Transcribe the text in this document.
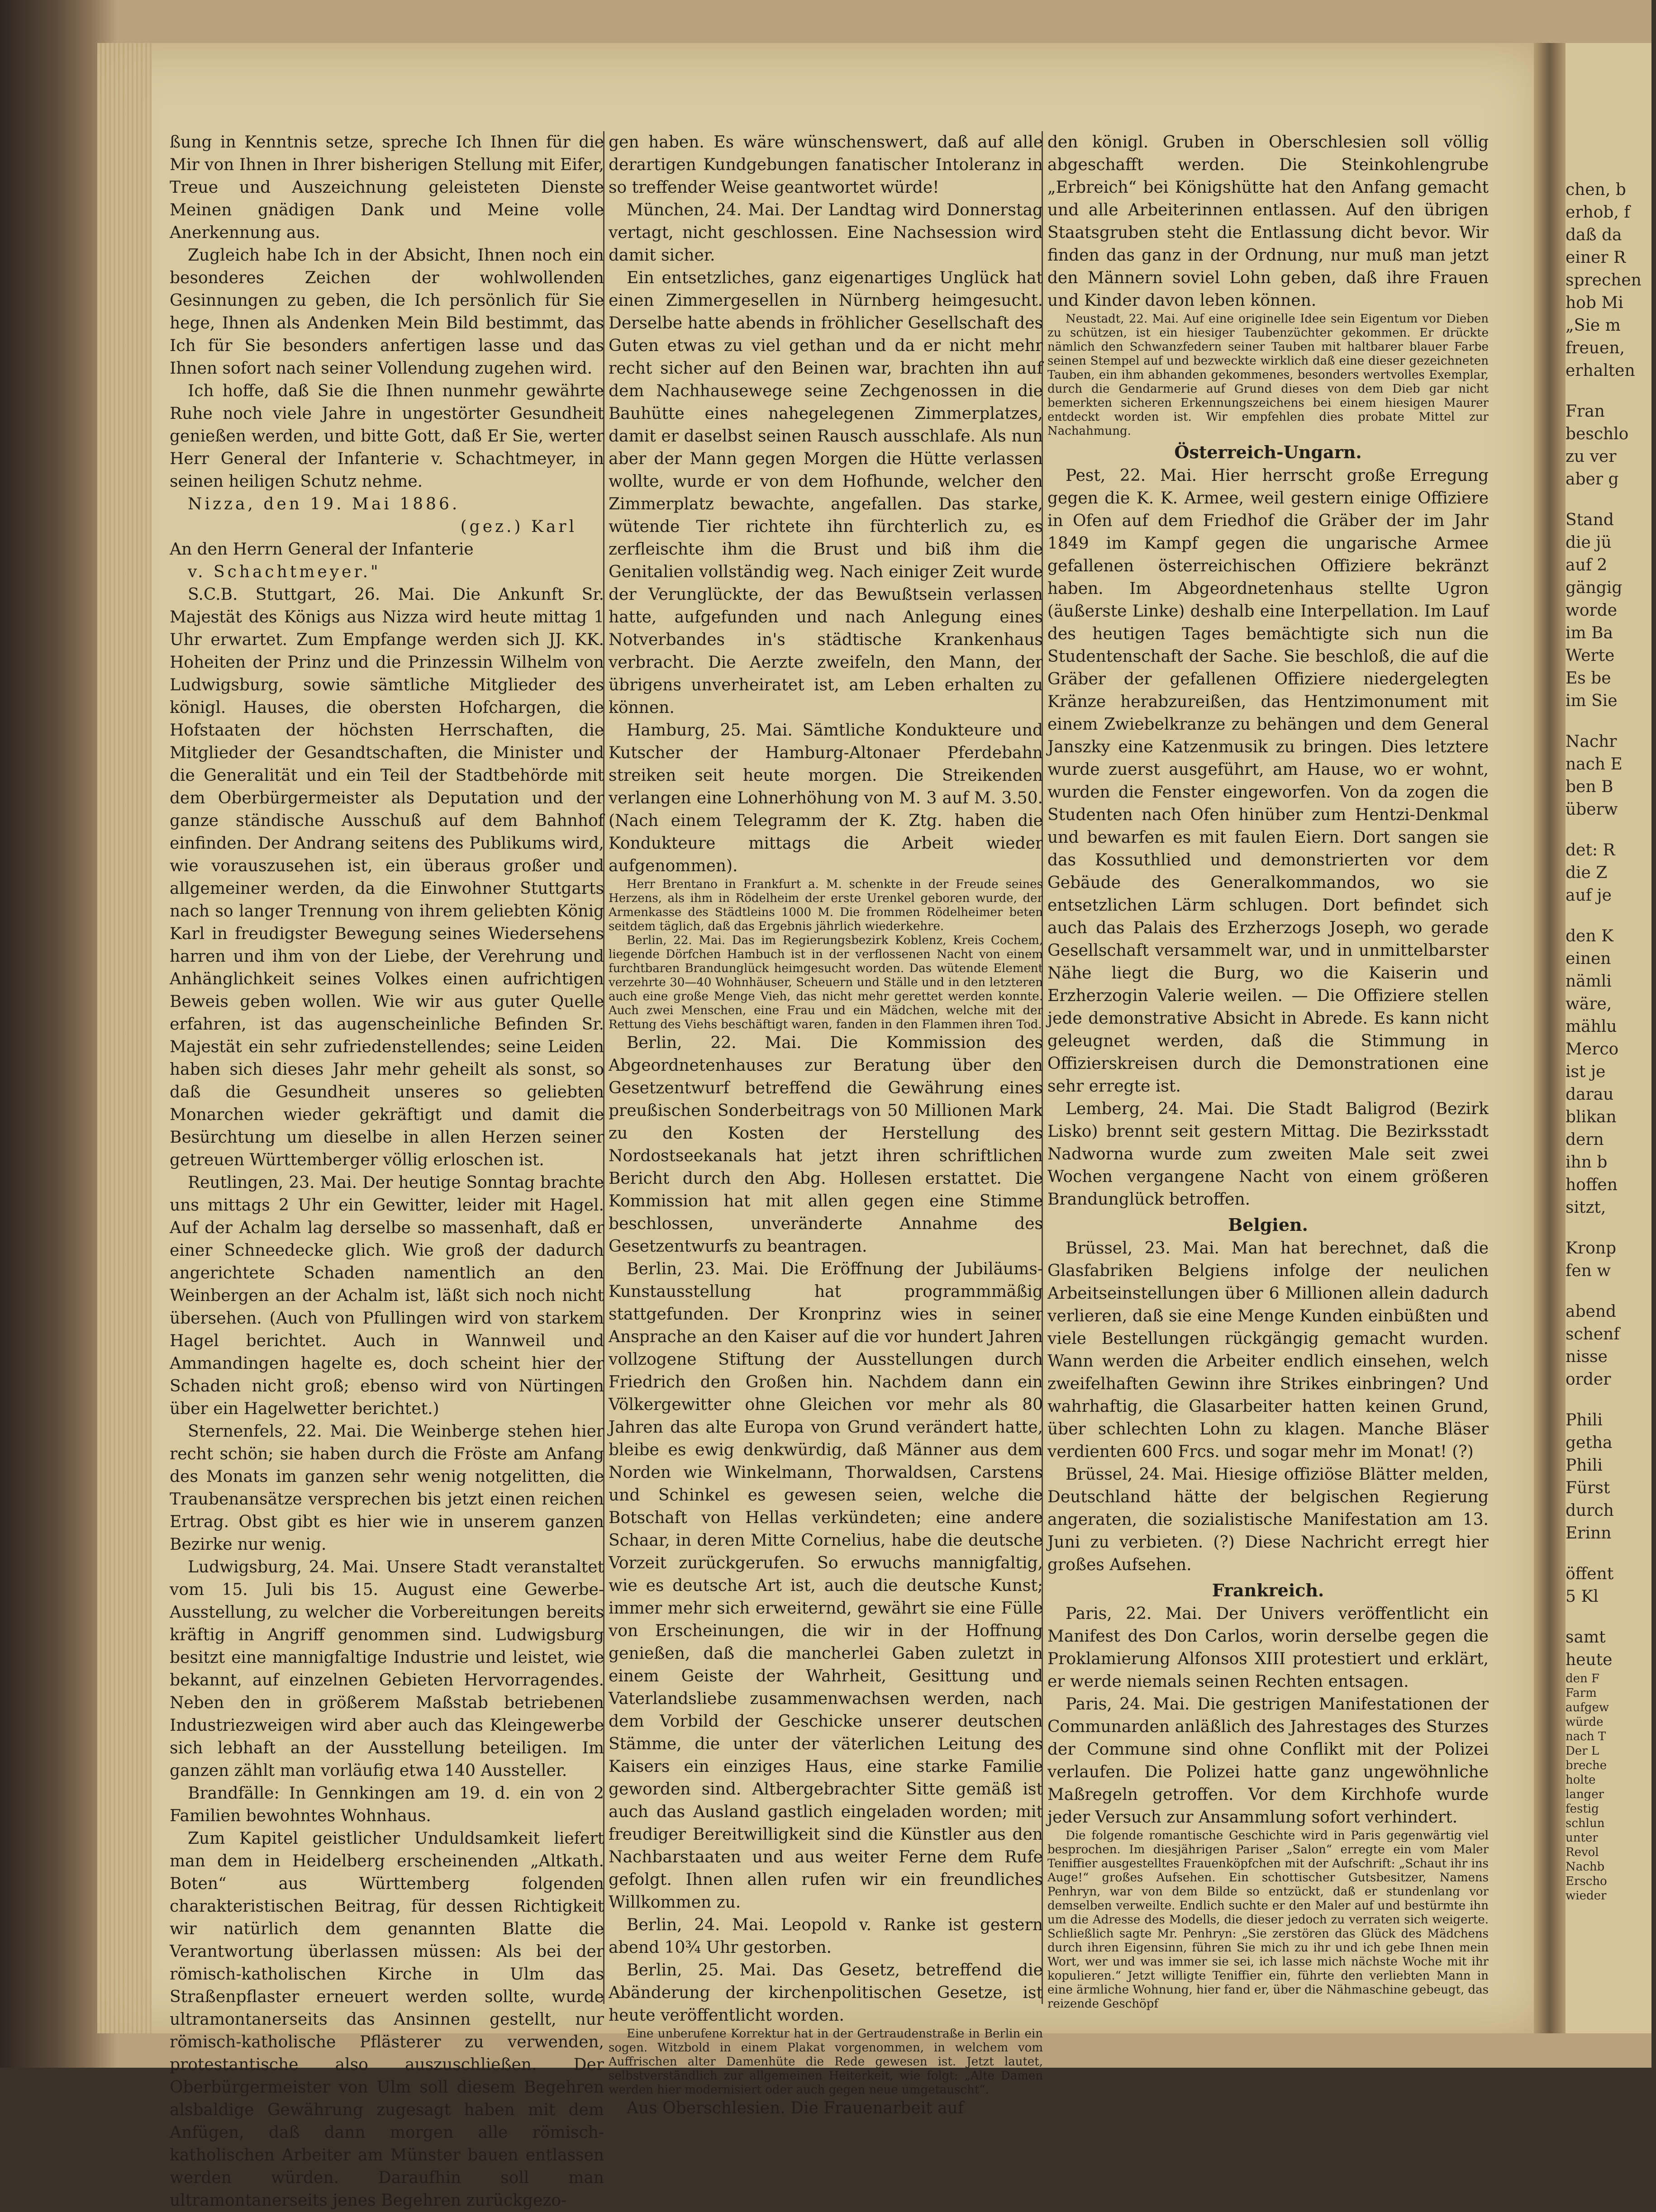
ßung in Kenntnis setze, spreche Ich Ihnen für die Mir von Ihnen in Ihrer bisherigen Stellung mit Eifer, Treue und Auszeichnung geleisteten Dienste Meinen gnädigen Dank und Meine volle Anerkennung aus.

Zugleich habe Ich in der Absicht, Ihnen noch ein besonderes Zeichen der wohlwollenden Gesinnungen zu geben, die Ich persönlich für Sie hege, Ihnen als Andenken Mein Bild bestimmt, das Ich für Sie besonders anfertigen lasse und das Ihnen sofort nach seiner Vollendung zugehen wird.

Ich hoffe, daß Sie die Ihnen nunmehr gewährte Ruhe noch viele Jahre in ungestörter Gesundheit genießen werden, und bitte Gott, daß Er Sie, werter Herr General der Infanterie v. Schachtmeyer, in seinen heiligen Schutz nehme.

Nizza, den 19. Mai 1886.

(gez.) Karl

An den Herrn General der Infanterie

v. Schachtmeyer."

S.C.B. Stuttgart, 26. Mai. Die Ankunft Sr. Majestät des Königs aus Nizza wird heute mittag 1 Uhr erwartet. Zum Empfange werden sich JJ. KK. Hoheiten der Prinz und die Prinzessin Wilhelm von Ludwigsburg, sowie sämtliche Mitglieder des königl. Hauses, die obersten Hofchargen, die Hofstaaten der höchsten Herrschaften, die Mitglieder der Gesandtschaften, die Minister und die Generalität und ein Teil der Stadtbehörde mit dem Oberbürgermeister als Deputation und der ganze ständische Ausschuß auf dem Bahnhof einfinden. Der Andrang seitens des Publikums wird, wie vorauszusehen ist, ein überaus großer und allgemeiner werden, da die Einwohner Stuttgarts nach so langer Trennung von ihrem geliebten König Karl in freudigster Bewegung seines Wiedersehens harren und ihm von der Liebe, der Verehrung und Anhänglichkeit seines Volkes einen aufrichtigen Beweis geben wollen. Wie wir aus guter Quelle erfahren, ist das augenscheinliche Befinden Sr. Majestät ein sehr zufriedenstellendes; seine Leiden haben sich dieses Jahr mehr geheilt als sonst, so daß die Gesundheit unseres so geliebten Monarchen wieder gekräftigt und damit die Besürchtung um dieselbe in allen Herzen seiner getreuen Württemberger völlig erloschen ist.

Reutlingen, 23. Mai. Der heutige Sonntag brachte uns mittags 2 Uhr ein Gewitter, leider mit Hagel. Auf der Achalm lag derselbe so massenhaft, daß er einer Schneedecke glich. Wie groß der dadurch angerichtete Schaden namentlich an den Weinbergen an der Achalm ist, läßt sich noch nicht übersehen. (Auch von Pfullingen wird von starkem Hagel berichtet. Auch in Wannweil und Ammandingen hagelte es, doch scheint hier der Schaden nicht groß; ebenso wird von Nürtingen über ein Hagelwetter berichtet.)

Sternenfels, 22. Mai. Die Weinberge stehen hier recht schön; sie haben durch die Fröste am Anfang des Monats im ganzen sehr wenig notgelitten, die Traubenansätze versprechen bis jetzt einen reichen Ertrag. Obst gibt es hier wie in unserem ganzen Bezirke nur wenig.

Ludwigsburg, 24. Mai. Unsere Stadt veranstaltet vom 15. Juli bis 15. August eine Gewerbe-Ausstellung, zu welcher die Vorbereitungen bereits kräftig in Angriff genommen sind. Ludwigsburg besitzt eine mannigfaltige Industrie und leistet, wie bekannt, auf einzelnen Gebieten Hervorragendes. Neben den in größerem Maßstab betriebenen Industriezweigen wird aber auch das Kleingewerbe sich lebhaft an der Ausstellung beteiligen. Im ganzen zählt man vorläufig etwa 140 Aussteller.

Brandfälle: In Gennkingen am 19. d. ein von 2 Familien bewohntes Wohnhaus.

Zum Kapitel geistlicher Unduldsamkeit liefert man dem in Heidelberg erscheinenden „Altkath. Boten“ aus Württemberg folgenden charakteristischen Beitrag, für dessen Richtigkeit wir natürlich dem genannten Blatte die Verantwortung überlassen müssen: Als bei der römisch-katholischen Kirche in Ulm das Straßenpflaster erneuert werden sollte, wurde ultramontanerseits das Ansinnen gestellt, nur römisch-katholische Pflästerer zu verwenden, protestantische also auszuschließen. Der Oberbürgermeister von Ulm soll diesem Begehren alsbaldige Gewährung zugesagt haben mit dem Anfügen, daß dann morgen alle römisch-katholischen Arbeiter am Münster bauen entlassen werden würden. Daraufhin soll man ultramontanerseits jenes Begehren zurückgezo-

gen haben. Es wäre wünschenswert, daß auf alle derartigen Kundgebungen fanatischer Intoleranz in so treffender Weise geantwortet würde!

München, 24. Mai. Der Landtag wird Donnerstag vertagt, nicht geschlossen. Eine Nachsession wird damit sicher.

Ein entsetzliches, ganz eigenartiges Unglück hat einen Zimmergesellen in Nürnberg heimgesucht. Derselbe hatte abends in fröhlicher Gesellschaft des Guten etwas zu viel gethan und da er nicht mehr recht sicher auf den Beinen war, brachten ihn auf dem Nachhausewege seine Zechgenossen in die Bauhütte eines nahegelegenen Zimmerplatzes, damit er daselbst seinen Rausch ausschlafe. Als nun aber der Mann gegen Morgen die Hütte verlassen wollte, wurde er von dem Hofhunde, welcher den Zimmerplatz bewachte, angefallen. Das starke, wütende Tier richtete ihn fürchterlich zu, es zerfleischte ihm die Brust und biß ihm die Genitalien vollständig weg. Nach einiger Zeit wurde der Verunglückte, der das Bewußtsein verlassen hatte, aufgefunden und nach Anlegung eines Notverbandes in's städtische Krankenhaus verbracht. Die Aerzte zweifeln, den Mann, der übrigens unverheiratet ist, am Leben erhalten zu können.

Hamburg, 25. Mai. Sämtliche Kondukteure und Kutscher der Hamburg-Altonaer Pferdebahn streiken seit heute morgen. Die Streikenden verlangen eine Lohnerhöhung von M. 3 auf M. 3.50. (Nach einem Telegramm der K. Ztg. haben die Kondukteure mittags die Arbeit wieder aufgenommen).

Herr Brentano in Frankfurt a. M. schenkte in der Freude seines Herzens, als ihm in Rödelheim der erste Urenkel geboren wurde, der Armenkasse des Städtleins 1000 M. Die frommen Rödelheimer beten seitdem täglich, daß das Ergebnis jährlich wiederkehre.

Berlin, 22. Mai. Das im Regierungsbezirk Koblenz, Kreis Cochem, liegende Dörfchen Hambuch ist in der verflossenen Nacht von einem furchtbaren Brandunglück heimgesucht worden. Das wütende Element verzehrte 30—40 Wohnhäuser, Scheuern und Ställe und in den letzteren auch eine große Menge Vieh, das nicht mehr gerettet werden konnte. Auch zwei Menschen, eine Frau und ein Mädchen, welche mit der Rettung des Viehs beschäftigt waren, fanden in den Flammen ihren Tod.

Berlin, 22. Mai. Die Kommission des Abgeordnetenhauses zur Beratung über den Gesetzentwurf betreffend die Gewährung eines preußischen Sonderbeitrags von 50 Millionen Mark zu den Kosten der Herstellung des Nordostseekanals hat jetzt ihren schriftlichen Bericht durch den Abg. Hollesen erstattet. Die Kommission hat mit allen gegen eine Stimme beschlossen, unveränderte Annahme des Gesetzentwurfs zu beantragen.

Berlin, 23. Mai. Die Eröffnung der Jubiläums-Kunstausstellung hat programmmäßig stattgefunden. Der Kronprinz wies in seiner Ansprache an den Kaiser auf die vor hundert Jahren vollzogene Stiftung der Ausstellungen durch Friedrich den Großen hin. Nachdem dann ein Völkergewitter ohne Gleichen vor mehr als 80 Jahren das alte Europa von Grund verändert hatte, bleibe es ewig denkwürdig, daß Männer aus dem Norden wie Winkelmann, Thorwaldsen, Carstens und Schinkel es gewesen seien, welche die Botschaft von Hellas verkündeten; eine andere Schaar, in deren Mitte Cornelius, habe die deutsche Vorzeit zurückgerufen. So erwuchs mannigfaltig, wie es deutsche Art ist, auch die deutsche Kunst; immer mehr sich erweiternd, gewährt sie eine Fülle von Erscheinungen, die wir in der Hoffnung genießen, daß die mancherlei Gaben zuletzt in einem Geiste der Wahrheit, Gesittung und Vaterlandsliebe zusammenwachsen werden, nach dem Vorbild der Geschicke unserer deutschen Stämme, die unter der väterlichen Leitung des Kaisers ein einziges Haus, eine starke Familie geworden sind. Altbergebrachter Sitte gemäß ist auch das Ausland gastlich eingeladen worden; mit freudiger Bereitwilligkeit sind die Künstler aus den Nachbarstaaten und aus weiter Ferne dem Rufe gefolgt. Ihnen allen rufen wir ein freundliches Willkommen zu.

Berlin, 24. Mai. Leopold v. Ranke ist gestern abend 10¾ Uhr gestorben.

Berlin, 25. Mai. Das Gesetz, betreffend die Abänderung der kirchenpolitischen Gesetze, ist heute veröffentlicht worden.

Eine unberufene Korrektur hat in der Gertraudenstraße in Berlin ein sogen. Witzbold in einem Plakat vorgenommen, in welchem vom Auffrischen alter Damenhüte die Rede gewesen ist. Jetzt lautet, selbstverständlich zur allgemeinen Heiterkeit, wie folgt: „Alte Damen werden hier modernisiert oder auch gegen neue umgetauscht“.

Aus Oberschlesien. Die Frauenarbeit auf

den königl. Gruben in Oberschlesien soll völlig abgeschafft werden. Die Steinkohlengrube „Erbreich“ bei Königshütte hat den Anfang gemacht und alle Arbeiterinnen entlassen. Auf den übrigen Staatsgruben steht die Entlassung dicht bevor. Wir finden das ganz in der Ordnung, nur muß man jetzt den Männern soviel Lohn geben, daß ihre Frauen und Kinder davon leben können.

Neustadt, 22. Mai. Auf eine originelle Idee sein Eigentum vor Dieben zu schützen, ist ein hiesiger Taubenzüchter gekommen. Er drückte nämlich den Schwanzfedern seiner Tauben mit haltbarer blauer Farbe seinen Stempel auf und bezweckte wirklich daß eine dieser gezeichneten Tauben, ein ihm abhanden gekommenes, besonders wertvolles Exemplar, durch die Gendarmerie auf Grund dieses von dem Dieb gar nicht bemerkten sicheren Erkennungszeichens bei einem hiesigen Maurer entdeckt worden ist. Wir empfehlen dies probate Mittel zur Nachahmung.

Österreich-Ungarn.

Pest, 22. Mai. Hier herrscht große Erregung gegen die K. K. Armee, weil gestern einige Offiziere in Ofen auf dem Friedhof die Gräber der im Jahr 1849 im Kampf gegen die ungarische Armee gefallenen österreichischen Offiziere bekränzt haben. Im Abgeordnetenhaus stellte Ugron (äußerste Linke) deshalb eine Interpellation. Im Lauf des heutigen Tages bemächtigte sich nun die Studentenschaft der Sache. Sie beschloß, die auf die Gräber der gefallenen Offiziere niedergelegten Kränze herabzureißen, das Hentzimonument mit einem Zwiebelkranze zu behängen und dem General Janszky eine Katzenmusik zu bringen. Dies letztere wurde zuerst ausgeführt, am Hause, wo er wohnt, wurden die Fenster eingeworfen. Von da zogen die Studenten nach Ofen hinüber zum Hentzi-Denkmal und bewarfen es mit faulen Eiern. Dort sangen sie das Kossuthlied und demonstrierten vor dem Gebäude des Generalkommandos, wo sie entsetzlichen Lärm schlugen. Dort befindet sich auch das Palais des Erzherzogs Joseph, wo gerade Gesellschaft versammelt war, und in unmittelbarster Nähe liegt die Burg, wo die Kaiserin und Erzherzogin Valerie weilen. — Die Offiziere stellen jede demonstrative Absicht in Abrede. Es kann nicht geleugnet werden, daß die Stimmung in Offizierskreisen durch die Demonstrationen eine sehr erregte ist.

Lemberg, 24. Mai. Die Stadt Baligrod (Bezirk Lisko) brennt seit gestern Mittag. Die Bezirksstadt Nadworna wurde zum zweiten Male seit zwei Wochen vergangene Nacht von einem größeren Brandunglück betroffen.

Belgien.

Brüssel, 23. Mai. Man hat berechnet, daß die Glasfabriken Belgiens infolge der neulichen Arbeitseinstellungen über 6 Millionen allein dadurch verlieren, daß sie eine Menge Kunden einbüßten und viele Bestellungen rückgängig gemacht wurden. Wann werden die Arbeiter endlich einsehen, welch zweifelhaften Gewinn ihre Strikes einbringen? Und wahrhaftig, die Glasarbeiter hatten keinen Grund, über schlechten Lohn zu klagen. Manche Bläser verdienten 600 Frcs. und sogar mehr im Monat! (?)

Brüssel, 24. Mai. Hiesige offiziöse Blätter melden, Deutschland hätte der belgischen Regierung angeraten, die sozialistische Manifestation am 13. Juni zu verbieten. (?) Diese Nachricht erregt hier großes Aufsehen.

Frankreich.

Paris, 22. Mai. Der Univers veröffentlicht ein Manifest des Don Carlos, worin derselbe gegen die Proklamierung Alfonsos XIII protestiert und erklärt, er werde niemals seinen Rechten entsagen.

Paris, 24. Mai. Die gestrigen Manifestationen der Communarden anläßlich des Jahrestages des Sturzes der Commune sind ohne Conflikt mit der Polizei verlaufen. Die Polizei hatte ganz ungewöhnliche Maßregeln getroffen. Vor dem Kirchhofe wurde jeder Versuch zur Ansammlung sofort verhindert.

Die folgende romantische Geschichte wird in Paris gegenwärtig viel besprochen. Im diesjährigen Pariser „Salon“ erregte ein vom Maler Teniffier ausgestelltes Frauenköpfchen mit der Aufschrift: „Schaut ihr ins Auge!“ großes Aufsehen. Ein schottischer Gutsbesitzer, Namens Penhryn, war von dem Bilde so entzückt, daß er stundenlang vor demselben verweilte. Endlich suchte er den Maler auf und bestürmte ihn um die Adresse des Modells, die dieser jedoch zu verraten sich weigerte. Schließlich sagte Mr. Penhryn: „Sie zerstören das Glück des Mädchens durch ihren Eigensinn, führen Sie mich zu ihr und ich gebe Ihnen mein Wort, wer und was immer sie sei, ich lasse mich nächste Woche mit ihr kopulieren.“ Jetzt willigte Teniffier ein, führte den verliebten Mann in eine ärmliche Wohnung, hier fand er, über die Nähmaschine gebeugt, das reizende Geschöpf

chen, b

erhob, f

daß da

einer R

sprechen

hob Mi

„Sie m

freuen,

erhalten

Fran

beschlo

zu ver

aber g

Stand

die jü

auf 2

gängig

worde

im Ba

Werte

Es be

im Sie

Nachr

nach E

ben B

überw

det: R

die Z

auf je

den K

einen

nämli

wäre,

mählu

Merco

ist je

darau

blikan

dern

ihn b

hoffen

sitzt,

Kronp

fen w

abend

schenf

nisse

order

Phili

getha

Phili

Fürst

durch

Erinn

öffent

5 Kl

samt

heute

den F

Farm

aufgew

würde

nach T

Der L

breche

holte

langer

festig

schlun

unter

Revol

Nachb

Erscho

wieder
